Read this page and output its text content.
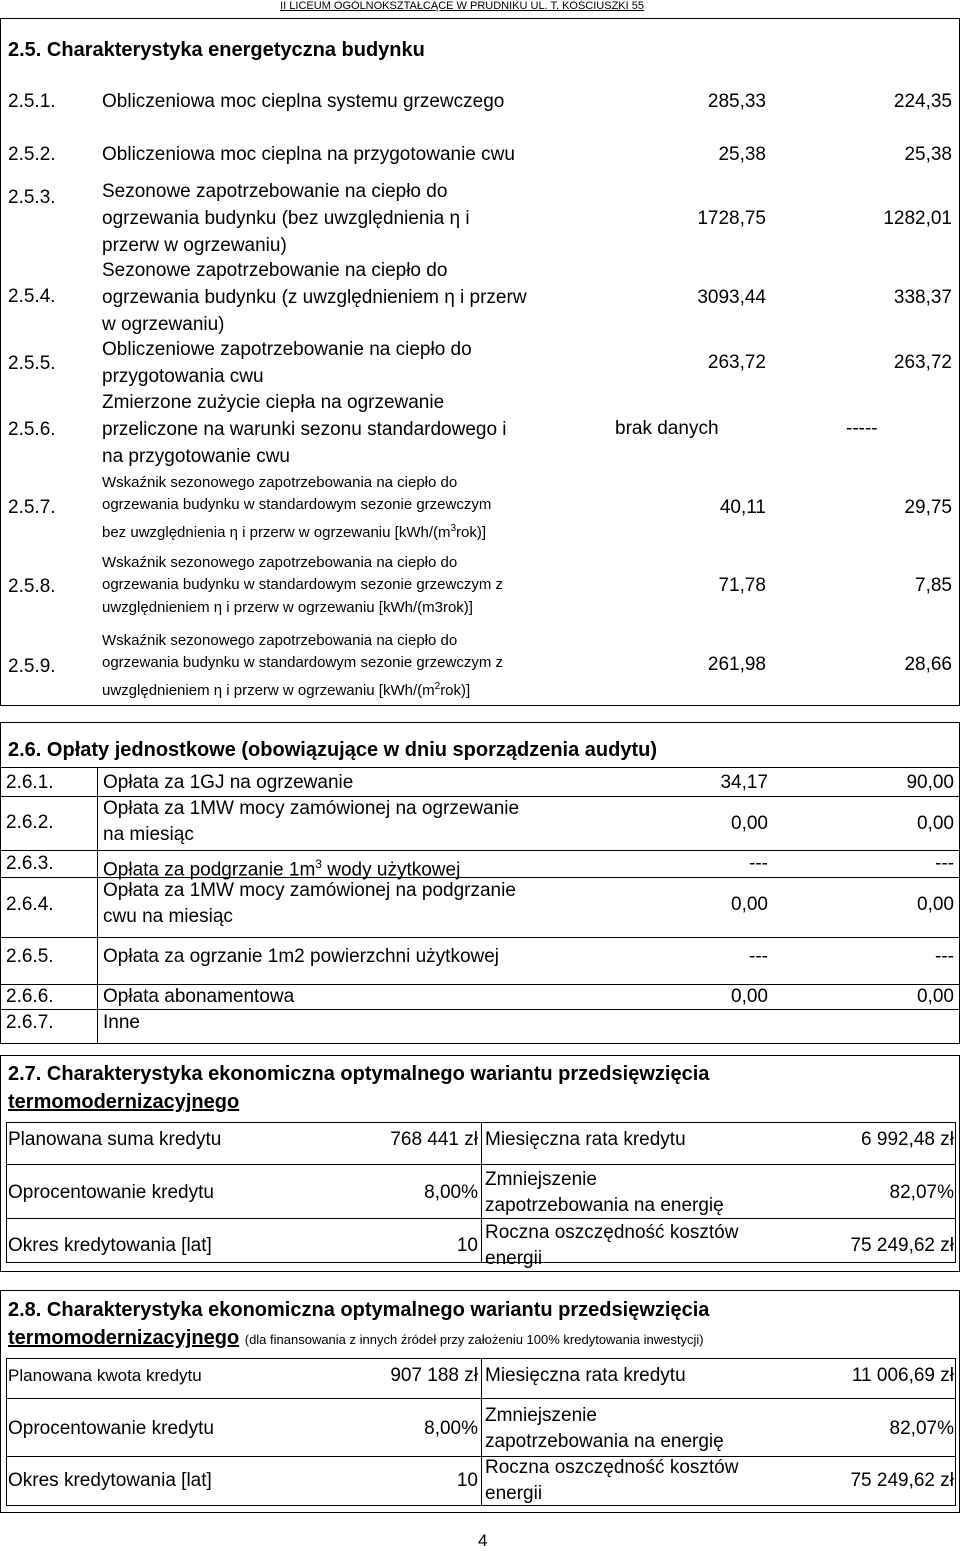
II LICEUM OGÓLNOKSZTAŁCĄCE W PRUDNIKU UL. T. KOŚCIUSZKI 55
2.5. Charakterystyka energetyczna budynku
2.5.1. Obliczeniowa moc cieplna systemu grzewczego	285,33	224,35
2.5.2. Obliczeniowa moc cieplna na przygotowanie cwu	25,38	25,38
2.5.3. Sezonowe zapotrzebowanie na ciepło do
ogrzewania budynku (bez uwzględnienia η i
przerw w ogrzewaniu)
1728,75	1282,01
2.5.4.
Sezonowe zapotrzebowanie na ciepło do
ogrzewania budynku (z uwzględnieniem η i przerw
w ogrzewaniu)
3093,44	338,37
2.5.5.
Obliczeniowe zapotrzebowanie na ciepło do
przygotowania cwu
263,72	263,72
2.5.6.
Zmierzone zużycie ciepła na ogrzewanie
przeliczone na warunki sezonu standardowego i
na przygotowanie cwu
brak danych	-----
2.5.7.
Wskaźnik sezonowego zapotrzebowania na ciepło do
ogrzewania budynku w standardowym sezonie grzewczym
bez uwzględnienia η i przerw w ogrzewaniu $[kWh/(m^3rok)]$
40,11	29,75
2.5.8.
Wskaźnik sezonowego zapotrzebowania na ciepło do
ogrzewania budynku w standardowym sezonie grzewczym z
uwzględnieniem η i przerw w ogrzewaniu [kWh/(m3rok)]
71,78	7,85
2.5.9.
Wskaźnik sezonowego zapotrzebowania na ciepło do
ogrzewania budynku w standardowym sezonie grzewczym z
uwzględnieniem η i przerw w ogrzewaniu $[kWh/(m^2rok)]$
261,98	28,66
2.6. Opłaty jednostkowe (obowiązujące w dniu sporządzenia audytu)
2.6.1.	Opłata za 1GJ na ogrzewanie	34,17	90,00
2.6.2.
Opłata za 1MW mocy zamówionej na ogrzewanie
na miesiąc
0,00	0,00
2.6.3.	Opłata za podgrzanie $1m^3$ wody użytkowej	---	---
2.6.4.
Opłata za 1MW mocy zamówionej na podgrzanie
cwu na miesiąc
0,00	0,00
2.6.5.	Opłata za ogrzanie 1m2 powierzchni użytkowej	---	---
2.6.6.	Opłata abonamentowa	0,00	0,00
2.6.7.	Inne
2.7. Charakterystyka ekonomiczna optymalnego wariantu przedsięwzięcia
termomodernizacyjnego
Planowana suma kredytu	768 441 zł Miesięczna rata kredytu	6 992,48 zł
Oprocentowanie kredytu	8,00%
Zmniejszenie
zapotrzebowania na energię
82,07%
Okres kredytowania [lat]	10
Roczna oszczędność kosztów
energii
75 249,62 zł
2.8. Charakterystyka ekonomiczna optymalnego wariantu przedsięwzięcia
termomodernizacyjnego (dla finansowania z innych źródeł przy założeniu 100% kredytowania inwestycji)
Planowana kwota kredytu	907 188 zł Miesięczna rata kredytu	11 006,69 zł
Oprocentowanie kredytu	8,00%
Zmniejszenie
zapotrzebowania na energię
82,07%
Okres kredytowania [lat]	10
Roczna oszczędność kosztów
energii
75 249,62 zł
4
